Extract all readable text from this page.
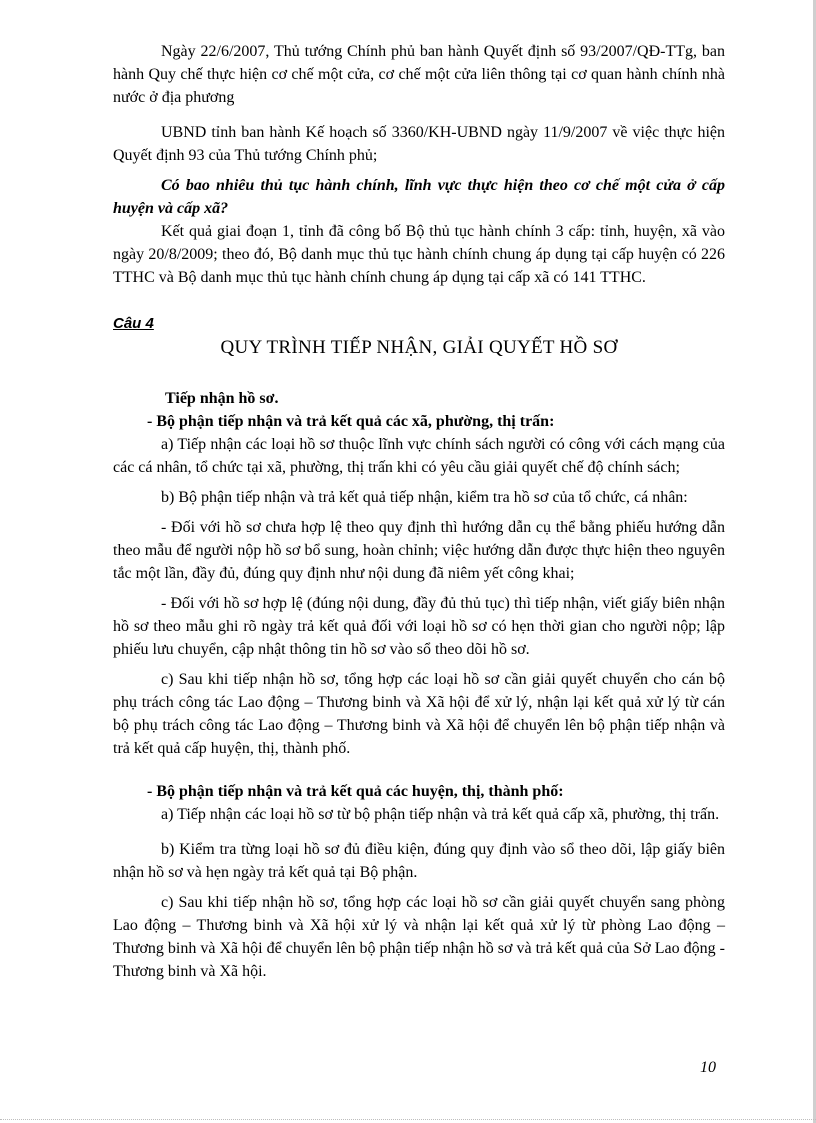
Ngày 22/6/2007, Thủ tướng Chính phủ ban hành Quyết định số 93/2007/QĐ-TTg, ban hành Quy chế thực hiện cơ chế một cửa, cơ chế một cửa liên thông tại cơ quan hành chính nhà nước ở địa phương

UBND tỉnh ban hành Kế hoạch số 3360/KH-UBND ngày 11/9/2007 về việc thực hiện Quyết định 93 của Thủ tướng Chính phủ;

Có bao nhiêu thủ tục hành chính, lĩnh vực thực hiện theo cơ chế một cửa ở cấp huyện và cấp xã?

Kết quả giai đoạn 1, tỉnh đã công bố Bộ thủ tục hành chính 3 cấp: tỉnh, huyện, xã vào ngày 20/8/2009; theo đó, Bộ danh mục thủ tục hành chính chung áp dụng tại cấp huyện có 226 TTHC và Bộ danh mục thủ tục hành chính chung áp dụng tại cấp xã có 141 TTHC.

Câu 4
QUY TRÌNH TIẾP NHẬN, GIẢI QUYẾT HỒ SƠ

Tiếp nhận hồ sơ.

- Bộ phận tiếp nhận và trả kết quả các xã, phường, thị trấn:

a) Tiếp nhận các loại hồ sơ thuộc lĩnh vực chính sách người có công với cách mạng của các cá nhân, tổ chức tại xã, phường, thị trấn khi có yêu cầu giải quyết chế độ chính sách;

b) Bộ phận tiếp nhận và trả kết quả tiếp nhận, kiểm tra hồ sơ của tổ chức, cá nhân:

- Đối với hồ sơ chưa hợp lệ theo quy định thì hướng dẫn cụ thể bằng phiếu hướng dẫn theo mẫu để người nộp hồ sơ bổ sung, hoàn chỉnh; việc hướng dẫn được thực hiện theo nguyên tắc một lần, đầy đủ, đúng quy định như nội dung đã niêm yết công khai;

- Đối với hồ sơ hợp lệ (đúng nội dung, đầy đủ thủ tục) thì tiếp nhận, viết giấy biên nhận hồ sơ theo mẫu ghi rõ ngày trả kết quả đối với loại hồ sơ có hẹn thời gian cho người nộp; lập phiếu lưu chuyển, cập nhật thông tin hồ sơ vào sổ theo dõi hồ sơ.

c) Sau khi tiếp nhận hồ sơ, tổng hợp các loại hồ sơ cần giải quyết chuyển cho cán bộ phụ trách công tác Lao động – Thương binh và Xã hội để xử lý, nhận lại kết quả xử lý từ cán bộ phụ trách công tác Lao động – Thương binh và Xã hội để chuyển lên bộ phận tiếp nhận và trả kết quả cấp huyện, thị, thành phố.

- Bộ phận tiếp nhận và trả kết quả các huyện, thị, thành phố:

a) Tiếp nhận các loại hồ sơ từ bộ phận tiếp nhận và trả kết quả cấp xã, phường, thị trấn.

b) Kiểm tra từng loại hồ sơ đủ điều kiện, đúng quy định vào sổ theo dõi, lập giấy biên nhận hồ sơ và hẹn ngày trả kết quả tại Bộ phận.

c) Sau khi tiếp nhận hồ sơ, tổng hợp các loại hồ sơ cần giải quyết chuyển sang phòng Lao động – Thương binh và Xã hội xử lý và nhận lại kết quả xử lý từ phòng Lao động – Thương binh và Xã hội để chuyển lên bộ phận tiếp nhận hồ sơ và trả kết quả của Sở Lao động - Thương binh và Xã hội.

10
